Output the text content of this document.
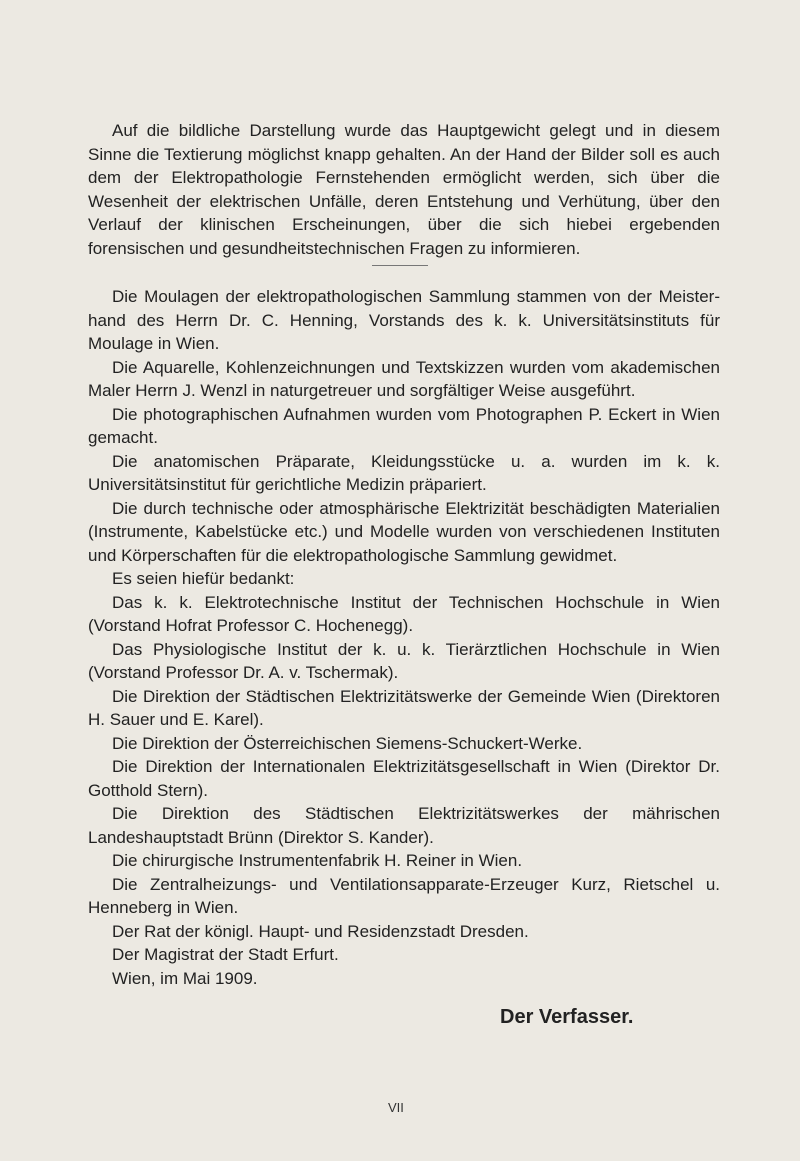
Auf die bildliche Darstellung wurde das Hauptgewicht gelegt und in diesem Sinne die Textierung möglichst knapp gehalten. An der Hand der Bilder soll es auch dem der Elektropathologie Fernstehenden ermöglicht werden, sich über die Wesenheit der elektrischen Unfälle, deren Entstehung und Verhütung, über den Verlauf der klinischen Erscheinungen, über die sich hiebei ergebenden forensischen und gesundheitstechnischen Fragen zu informieren.

Die Moulagen der elektropathologischen Sammlung stammen von der Meisterhand des Herrn Dr. C. Henning, Vorstands des k. k. Universitätsinstituts für Moulage in Wien.

Die Aquarelle, Kohlenzeichnungen und Textskizzen wurden vom akademischen Maler Herrn J. Wenzl in naturgetreuer und sorgfältiger Weise ausgeführt.

Die photographischen Aufnahmen wurden vom Photographen P. Eckert in Wien gemacht.

Die anatomischen Präparate, Kleidungsstücke u. a. wurden im k. k. Universitätsinstitut für gerichtliche Medizin präpariert.

Die durch technische oder atmosphärische Elektrizität beschädigten Materialien (Instrumente, Kabelstücke etc.) und Modelle wurden von verschiedenen Instituten und Körperschaften für die elektropathologische Sammlung gewidmet.

Es seien hiefür bedankt:

Das k. k. Elektrotechnische Institut der Technischen Hochschule in Wien (Vorstand Hofrat Professor C. Hochenegg).

Das Physiologische Institut der k. u. k. Tierärztlichen Hochschule in Wien (Vorstand Professor Dr. A. v. Tschermak).

Die Direktion der Städtischen Elektrizitätswerke der Gemeinde Wien (Direktoren H. Sauer und E. Karel).

Die Direktion der Österreichischen Siemens-Schuckert-Werke.

Die Direktion der Internationalen Elektrizitätsgesellschaft in Wien (Direktor Dr. Gotthold Stern).

Die Direktion des Städtischen Elektrizitätswerkes der mährischen Landeshauptstadt Brünn (Direktor S. Kander).

Die chirurgische Instrumentenfabrik H. Reiner in Wien.

Die Zentralheizungs- und Ventilationsapparate-Erzeuger Kurz, Rietschel u. Henneberg in Wien.

Der Rat der königl. Haupt- und Residenzstadt Dresden.

Der Magistrat der Stadt Erfurt.

Wien, im Mai 1909.

Der Verfasser.
VII
